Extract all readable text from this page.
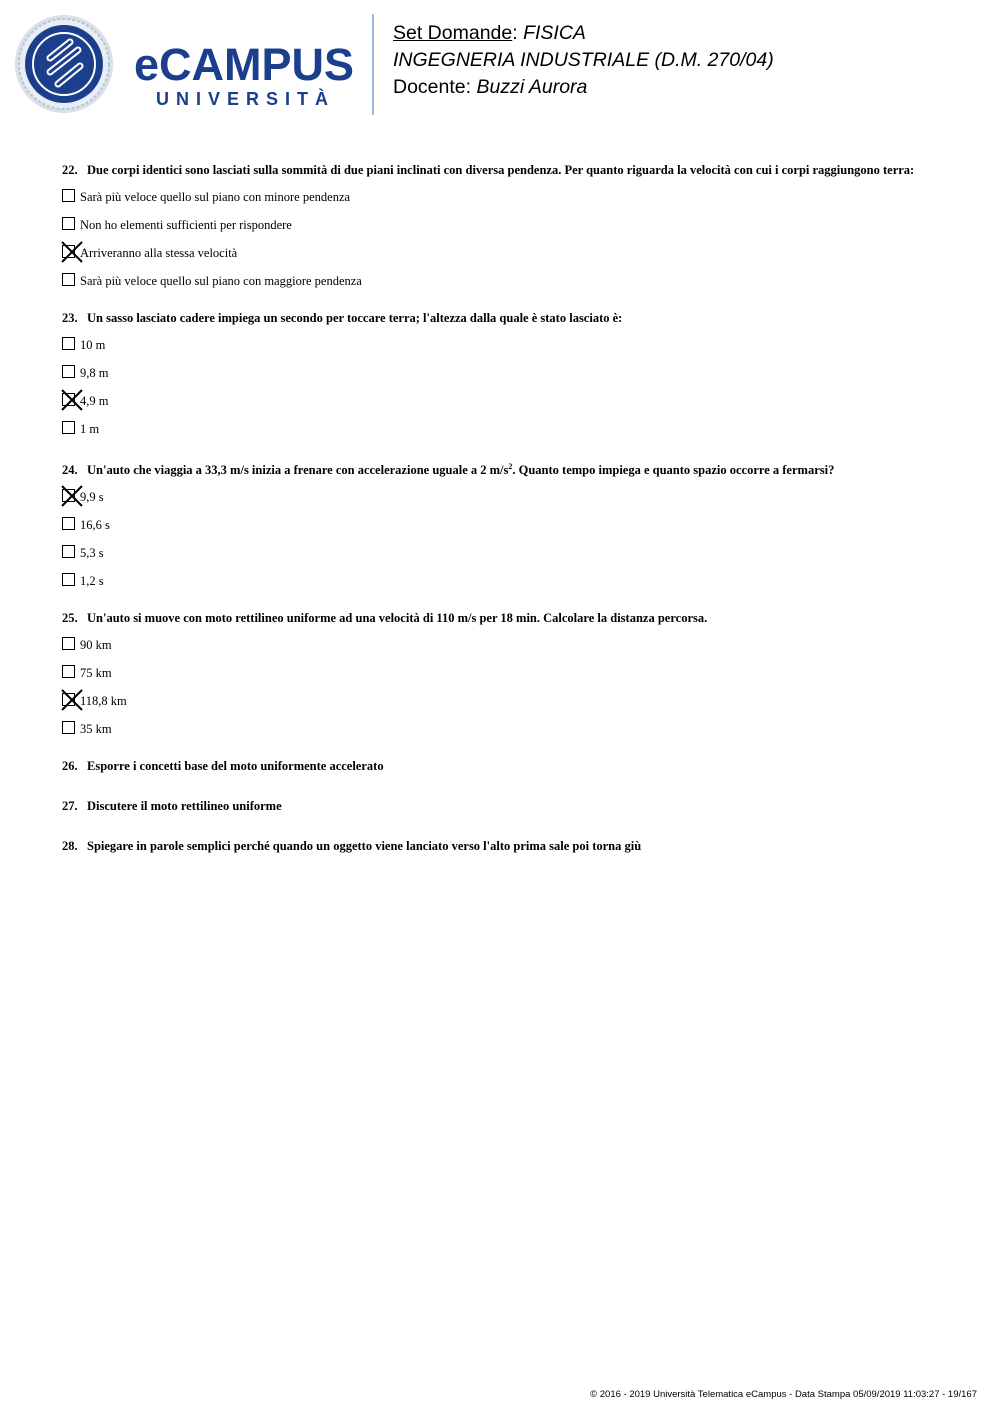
eCAMPUS
UNIVERSITÀ
Set Domande: FISICA
INGEGNERIA INDUSTRIALE (D.M. 270/04)
Docente: Buzzi Aurora
22. Due corpi identici sono lasciati sulla sommità di due piani inclinati con diversa pendenza. Per quanto riguarda la velocità con cui i corpi raggiungono terra:
Sarà più veloce quello sul piano con minore pendenza
Non ho elementi sufficienti per rispondere
Arriveranno alla stessa velocità
Sarà più veloce quello sul piano con maggiore pendenza
23. Un sasso lasciato cadere impiega un secondo per toccare terra; l'altezza dalla quale è stato lasciato è:
10 m
9,8 m
4,9 m
1 m
24. Un'auto che viaggia a 33,3 m/s inizia a frenare con accelerazione uguale a 2 $m/s^2$. Quanto tempo impiega e quanto spazio occorre a fermarsi?
9,9 s
16,6 s
5,3 s
1,2 s
25. Un'auto si muove con moto rettilineo uniforme ad una velocità di 110 m/s per 18 min. Calcolare la distanza percorsa.
90 km
75 km
118,8 km
35 km
26. Esporre i concetti base del moto uniformente accelerato
27. Discutere il moto rettilineo uniforme
28. Spiegare in parole semplici perché quando un oggetto viene lanciato verso l'alto prima sale poi torna giù
© 2016 - 2019 Università Telematica eCampus - Data Stampa 05/09/2019 11:03:27 - 19/167
